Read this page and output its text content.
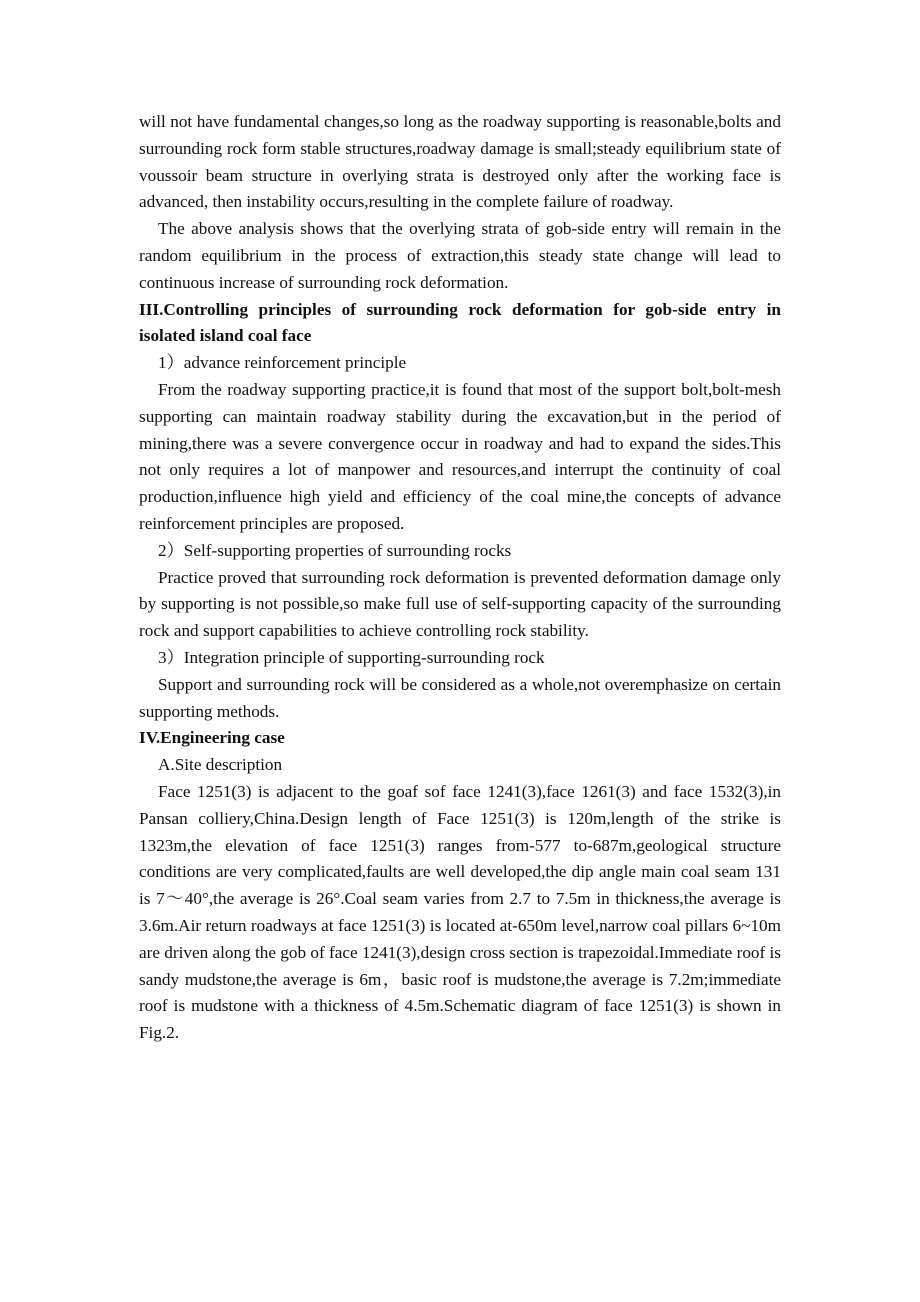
will not have fundamental changes,so long as the roadway supporting is reasonable,bolts and surrounding rock form stable structures,roadway damage is small;steady equilibrium state of voussoir beam structure in overlying strata is destroyed only after the working face is advanced, then instability occurs,resulting in the complete failure of roadway.

The above analysis shows that the overlying strata of gob-side entry will remain in the random equilibrium in the process of extraction,this steady state change will lead to continuous increase of surrounding rock deformation.

III.Controlling principles of surrounding rock deformation for gob-side entry in isolated island coal face

1）advance reinforcement principle

From the roadway supporting practice,it is found that most of the support bolt,bolt-mesh supporting can maintain roadway stability during the excavation,but in the period of mining,there was a severe convergence occur in roadway and had to expand the sides.This not only requires a lot of manpower and resources,and interrupt the continuity of coal production,influence high yield and efficiency of the coal mine,the concepts of advance reinforcement principles are proposed.

2）Self-supporting properties of surrounding rocks

Practice proved that surrounding rock deformation is prevented deformation damage only by supporting is not possible,so make full use of self-supporting capacity of the surrounding rock and support capabilities to achieve controlling rock stability.

3）Integration principle of supporting-surrounding rock

Support and surrounding rock will be considered as a whole,not overemphasize on certain supporting methods.

IV.Engineering case

A.Site description

Face 1251(3) is adjacent to the goaf sof face 1241(3),face 1261(3) and face 1532(3),in Pansan colliery,China.Design length of Face 1251(3) is 120m,length of the strike is 1323m,the elevation of face 1251(3) ranges from-577 to-687m,geological structure conditions are very complicated,faults are well developed,the dip angle main coal seam 131 is 7～40°,the average is 26°.Coal seam varies from 2.7 to 7.5m in thickness,the average is 3.6m.Air return roadways at face 1251(3) is located at-650m level,narrow coal pillars 6~10m are driven along the gob of face 1241(3),design cross section is trapezoidal.Immediate roof is sandy mudstone,the average is 6m，basic roof is mudstone,the average is 7.2m;immediate roof is mudstone with a thickness of 4.5m.Schematic diagram of face 1251(3) is shown in Fig.2.
